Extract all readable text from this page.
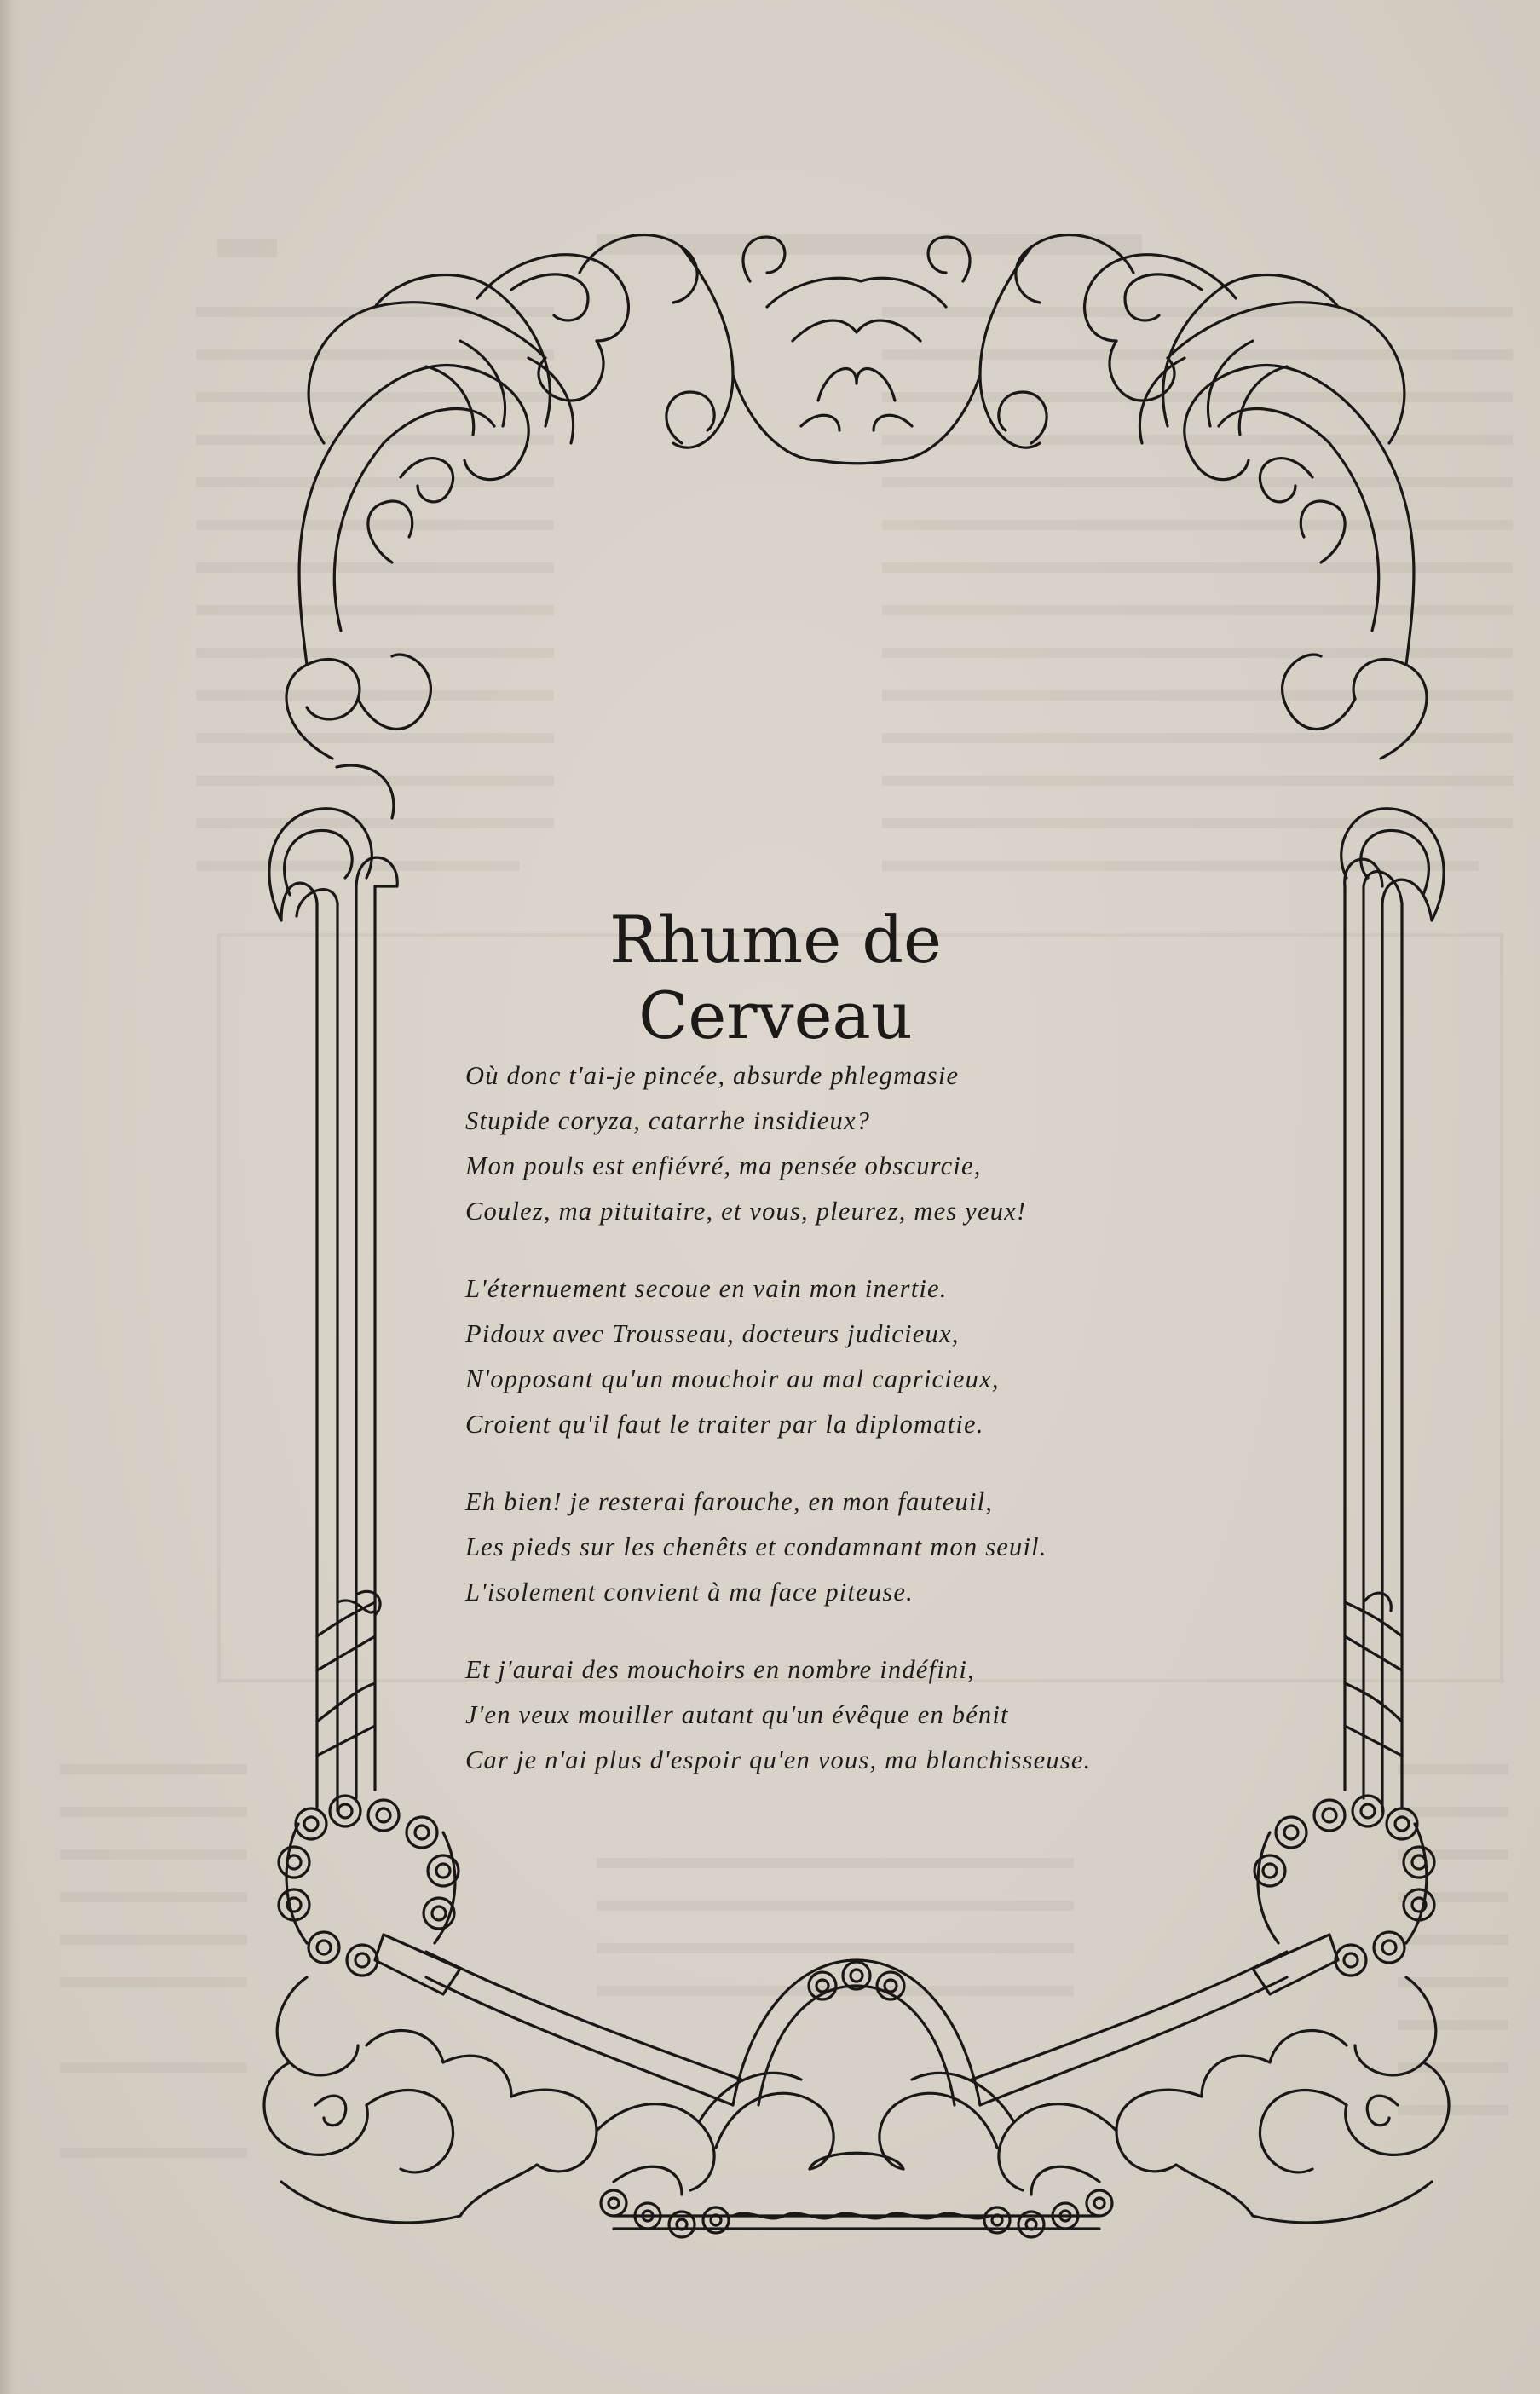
Rhume de Cerveau
Où donc t'ai-je pincée, absurde phlegmasie
Stupide coryza, catarrhe insidieux?
Mon pouls est enfiévré, ma pensée obscurcie,
Coulez, ma pituitaire, et vous, pleurez, mes yeux!
L'éternuement secoue en vain mon inertie.
Pidoux avec Trousseau, docteurs judicieux,
N'opposant qu'un mouchoir au mal capricieux,
Croient qu'il faut le traiter par la diplomatie.
Eh bien! je resterai farouche, en mon fauteuil,
Les pieds sur les chenêts et condamnant mon seuil.
L'isolement convient à ma face piteuse.
Et j'aurai des mouchoirs en nombre indéfini,
J'en veux mouiller autant qu'un évêque en bénit
Car je n'ai plus d'espoir qu'en vous, ma blanchisseuse.
